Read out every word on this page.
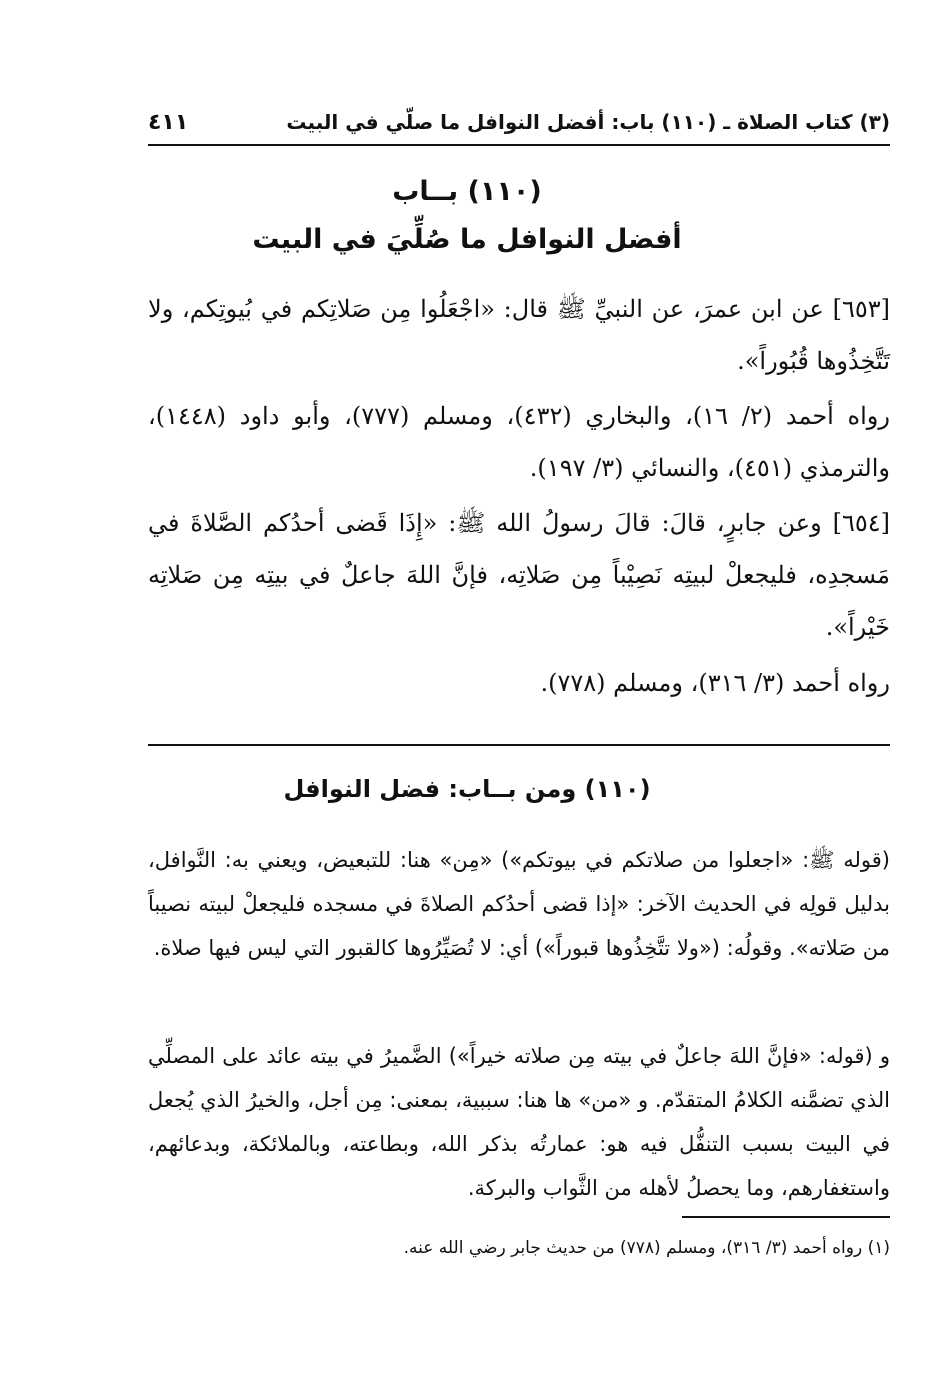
(٣) كتاب الصلاة ـ (١١٠) باب: أفضل النوافل ما صلّي في البيت
٤١١
(١١٠) بــاب
أفضل النوافل ما صُلِّيَ في البيت
[٦٥٣] عن ابن عمرَ، عن النبيِّ ﷺ قال: «اجْعَلُوا مِن صَلاتِكم في بُيوتِكم، ولا تَتَّخِذُوها قُبُوراً».
رواه أحمد (٢/ ١٦)، والبخاري (٤٣٢)، ومسلم (٧٧٧)، وأبو داود (١٤٤٨)، والترمذي (٤٥١)، والنسائي (٣/ ١٩٧).
[٦٥٤] وعن جابرٍ، قالَ: قالَ رسولُ الله ﷺ: «إِذَا قَضى أحدُكم الصَّلاةَ في مَسجدِه، فليجعلْ لبيتِه نَصِيْباً مِن صَلاتِه، فإنَّ اللهَ جاعلٌ في بيتِه مِن صَلاتِه خَيْراً».
رواه أحمد (٣/ ٣١٦)، ومسلم (٧٧٨).
(١١٠) ومن بــاب: فضل النوافل
(قوله ﷺ: «اجعلوا من صلاتكم في بيوتكم») «مِن» هنا: للتبعيض، ويعني به: النَّوافل، بدليل قولِه في الحديث الآخر: «إذا قضى أحدُكم الصلاةَ في مسجده فليجعلْ لبيته نصيباً من صَلاته». وقولُه: («ولا تتَّخِذُوها قبوراً») أي: لا تُصَيِّرُوها كالقبور التي ليس فيها صلاة.
و (قوله: «فإنَّ اللهَ جاعلٌ في بيته مِن صلاته خيراً») الضَّميرُ في بيته عائد على المصلِّي الذي تضمَّنه الكلامُ المتقدّم. و «من» ها هنا: سببية، بمعنى: مِن أجل، والخيرُ الذي يُجعل في البيت بسبب التنفُّل فيه هو: عمارتُه بذكر الله، وبطاعته، وبالملائكة، وبدعائهم، واستغفارهم، وما يحصلُ لأهله من الثَّواب والبركة.
(١) رواه أحمد (٣/ ٣١٦)، ومسلم (٧٧٨) من حديث جابر رضي الله عنه.
